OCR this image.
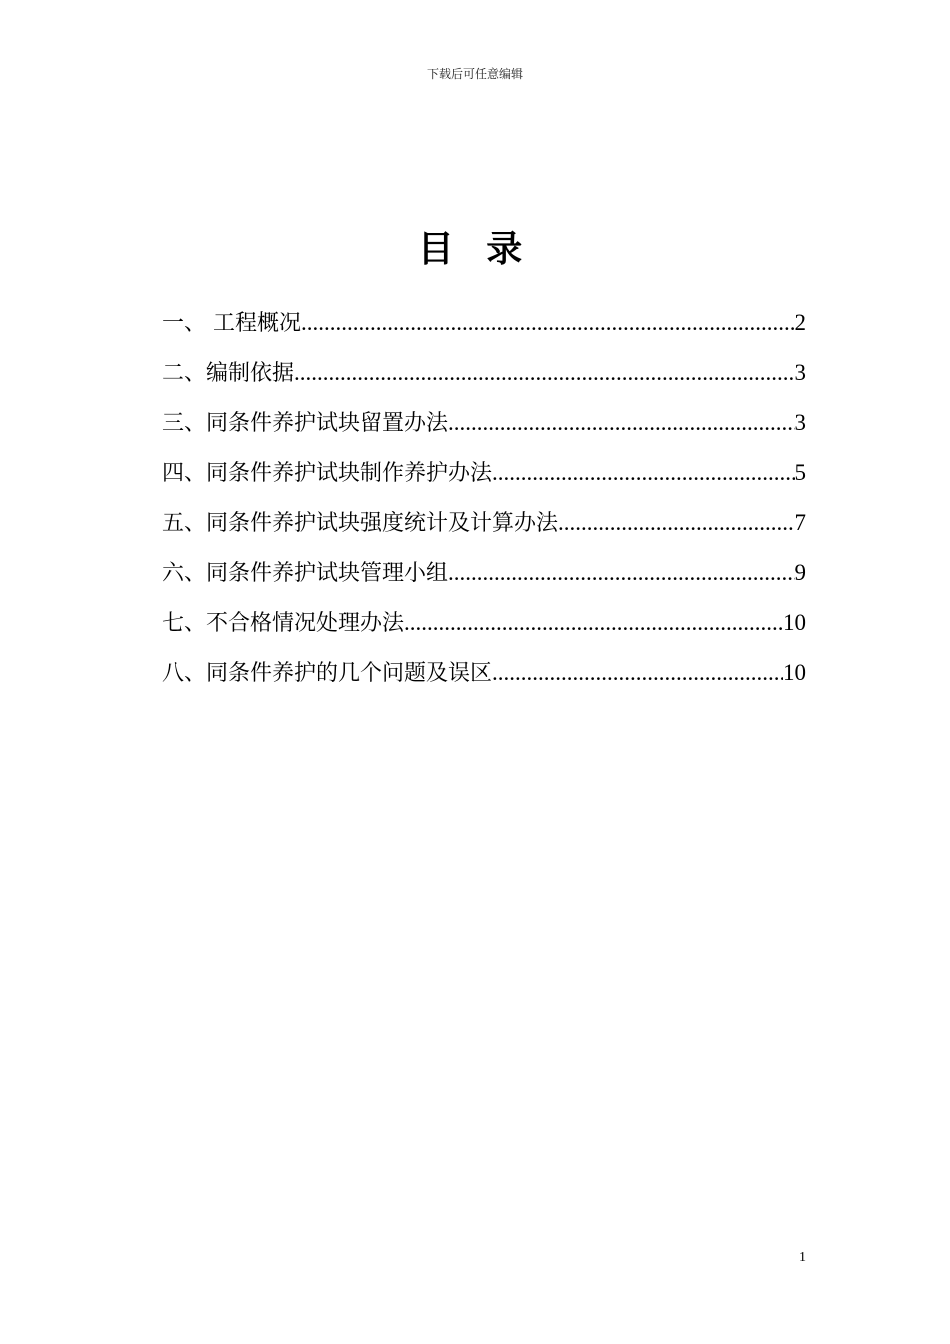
下载后可任意编辑
目 录
一、 工程概况 .....	2
二、编制依据 .....	3
三、同条件养护试块留置办法 .....	3
四、同条件养护试块制作养护办法 .....	5
五、同条件养护试块强度统计及计算办法 .....	7
六、同条件养护试块管理小组 .....	9
七、不合格情况处理办法 .....	10
八、同条件养护的几个问题及误区 .....	10
1
